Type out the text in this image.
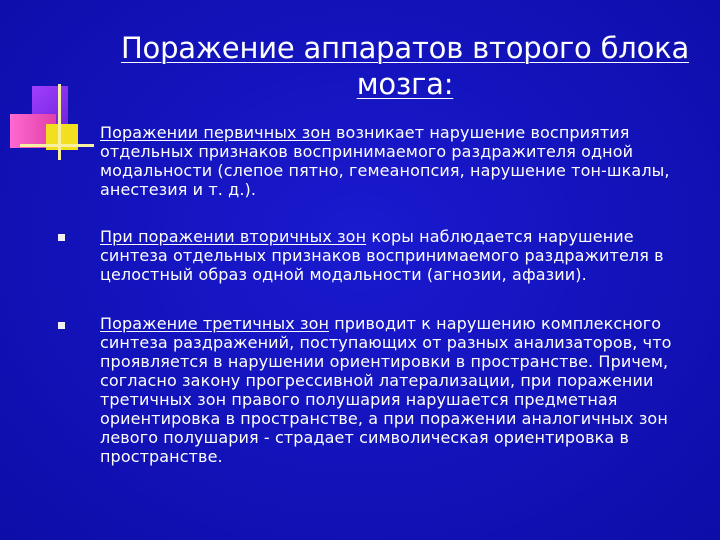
Поражение аппаратов второго блока
мозга:
Поражении первичных зон возникает нарушение восприятия отдельных признаков воспринимаемого раздражителя одной модальности (слепое пятно, гемеанопсия, нарушение тон-шкалы, анестезия и т. д.).
При поражении вторичных зон коры наблюдается нарушение синтеза отдельных признаков воспринимаемого раздражителя в целостный образ одной модальности (агнозии, афазии).
Поражение третичных зон приводит к нарушению комплексного синтеза раздражений, поступающих от разных анализаторов, что проявляется в нарушении ориентировки в пространстве. Причем, согласно закону прогрессивной латерализации, при поражении третичных зон правого полушария нарушается предметная ориентировка в пространстве, а при поражении аналогичных зон левого полушария - страдает символическая ориентировка в пространстве.
